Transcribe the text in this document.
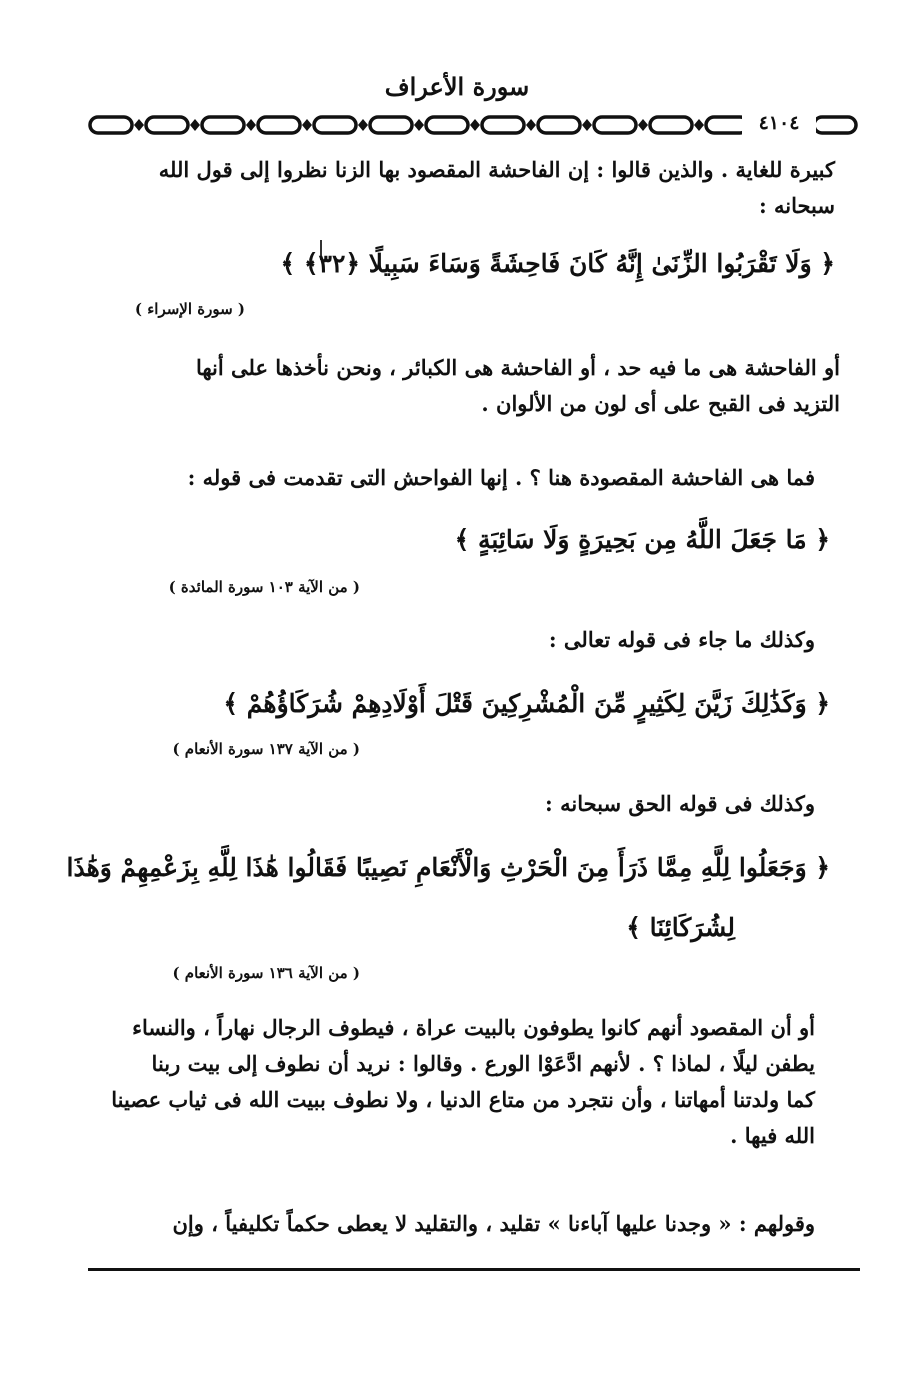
سورة الأعراف
٤١٠٤
كبيرة للغاية . والذين قالوا : إن الفاحشة المقصود بها الزنا نظروا إلى قول الله
سبحانه :
﴿ وَلَا تَقْرَبُوا الزِّنَىٰ إِنَّهُ كَانَ فَاحِشَةً وَسَاءَ سَبِيلًا ﴿٣٢﴾ ﴾
( سورة الإسراء )
أو الفاحشة هى ما فيه حد ، أو الفاحشة هى الكبائر ، ونحن نأخذها على أنها
التزيد فى القبح على أى لون من الألوان .
فما هى الفاحشة المقصودة هنا ؟ . إنها الفواحش التى تقدمت فى قوله :
﴿ مَا جَعَلَ اللَّهُ مِن بَحِيرَةٍ وَلَا سَائِبَةٍ ﴾
( من الآية ١٠٣ سورة المائدة )
وكذلك ما جاء فى قوله تعالى :
﴿ وَكَذَٰلِكَ زَيَّنَ لِكَثِيرٍ مِّنَ الْمُشْرِكِينَ قَتْلَ أَوْلَادِهِمْ شُرَكَاؤُهُمْ ﴾
( من الآية ١٣٧ سورة الأنعام )
وكذلك فى قوله الحق سبحانه :
﴿ وَجَعَلُوا لِلَّهِ مِمَّا ذَرَأَ مِنَ الْحَرْثِ وَالْأَنْعَامِ نَصِيبًا فَقَالُوا هَٰذَا لِلَّهِ بِزَعْمِهِمْ وَهَٰذَا
لِشُرَكَائِنَا ﴾
( من الآية ١٣٦ سورة الأنعام )
أو أن المقصود أنهم كانوا يطوفون بالبيت عراة ، فيطوف الرجال نهاراً ، والنساء
يطفن ليلًا ، لماذا ؟ . لأنهم ادَّعَوْا الورع . وقالوا : نريد أن نطوف إلى بيت ربنا
كما ولدتنا أمهاتنا ، وأن نتجرد من متاع الدنيا ، ولا نطوف ببيت الله فى ثياب عصينا
الله فيها .
وقولهم : « وجدنا عليها آباءنا » تقليد ، والتقليد لا يعطى حكماً تكليفياً ، وإن
